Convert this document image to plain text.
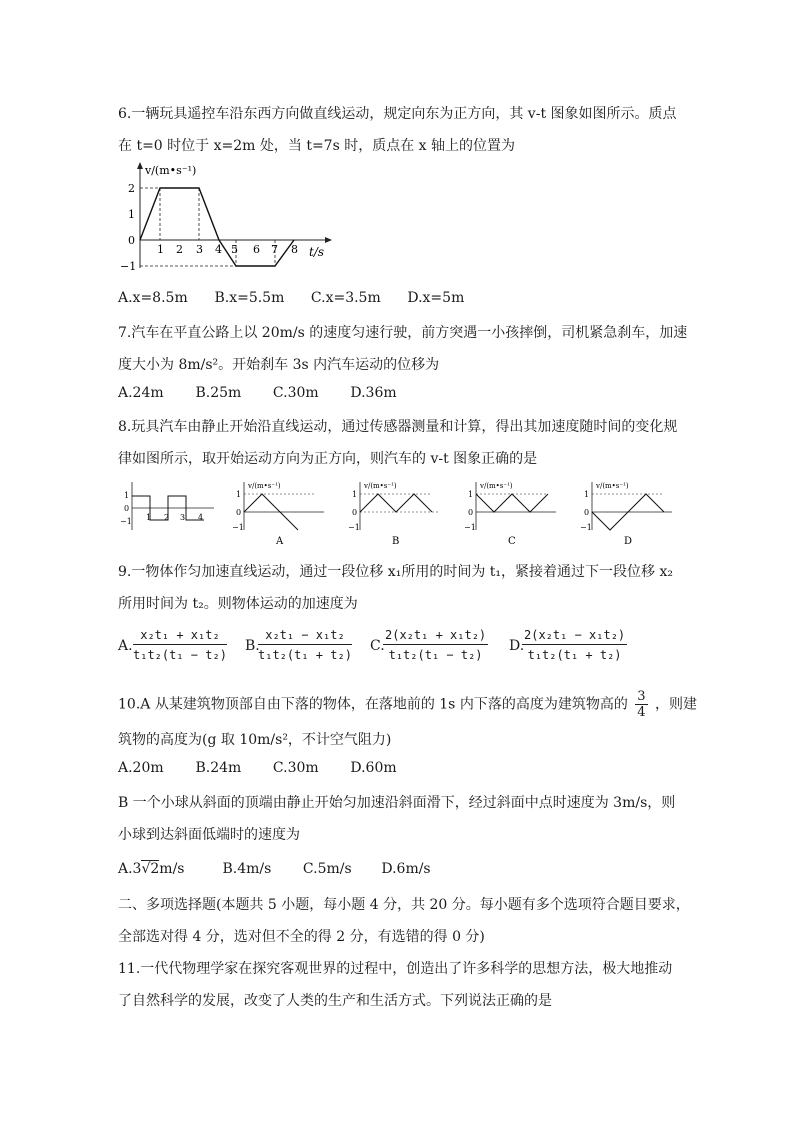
6.一辆玩具遥控车沿东西方向做直线运动，规定向东为正方向，其 v-t 图象如图所示。质点
在 t=0 时位于 x=2m 处，当 t=7s 时，质点在 x 轴上的位置为
v/(m•s⁻¹)
t/s
2
1
0
−1
1 2 3 4 5 6 7 8
A.x=8.5m B.x=5.5m C.x=3.5m D.x=5m
7.汽车在平直公路上以 20m/s 的速度匀速行驶，前方突遇一小孩摔倒，司机紧急刹车，加速
度大小为 8m/s²。开始刹车 3s 内汽车运动的位移为
A.24m B.25m C.30m D.36m
8.玩具汽车由静止开始沿直线运动，通过传感器测量和计算，得出其加速度随时间的变化规
律如图所示，取开始运动方向为正方向，则汽车的 v-t 图象正确的是
1
0
−1 1 2 3 4
v/(m•s⁻¹)
1
0
−1
A
v/(m•s⁻¹)
1
0
−1
B
v/(m•s⁻¹)
1
0
−1
C
v/(m•s⁻¹)
1
0
−1
D
9.一物体作匀加速直线运动，通过一段位移 x₁所用的时间为 t₁，紧接着通过下一段位移 x₂
所用时间为 t₂。则物体运动的加速度为
A. $\frac{\text{x₂t₁ + x₁t₂}}{\text{t₁t₂(t₁ − t₂)}} B$.
$\frac{\text{x₂t₁ − x₁t₂}}{\text{t₁t₂(t₁ + t₂)}} C$.
$\frac{\text{2(x₂t₁ + x₁t₂)}}{\text{t₁t₂(t₁ − t₂)}} D$.
$\frac{\text{2(x₂t₁ − x₁t₂)}}{\text{t₁t₂(t₁ + t₂)}}$
10.A 从某建筑物顶部自由下落的物体，在落地前的 1s 内下落的高度为建筑物高的 $\frac{3}{4}$ ，则建
筑物的高度为(g 取 10m/s²，不计空气阻力)
A.20m B.24m C.30m D.60m
B 一个小球从斜面的顶端由静止开始匀加速沿斜面滑下，经过斜面中点时速度为 3m/s，则
小球到达斜面低端时的速度为
A.3√2m/s	B.4m/s C.5m/s D.6m/s
二、多项选择题(本题共 5 小题，每小题 4 分，共 20 分。每小题有多个选项符合题目要求，
全部选对得 4 分，选对但不全的得 2 分，有选错的得 0 分)
11.一代代物理学家在探究客观世界的过程中，创造出了许多科学的思想方法，极大地推动
了自然科学的发展，改变了人类的生产和生活方式。下列说法正确的是
